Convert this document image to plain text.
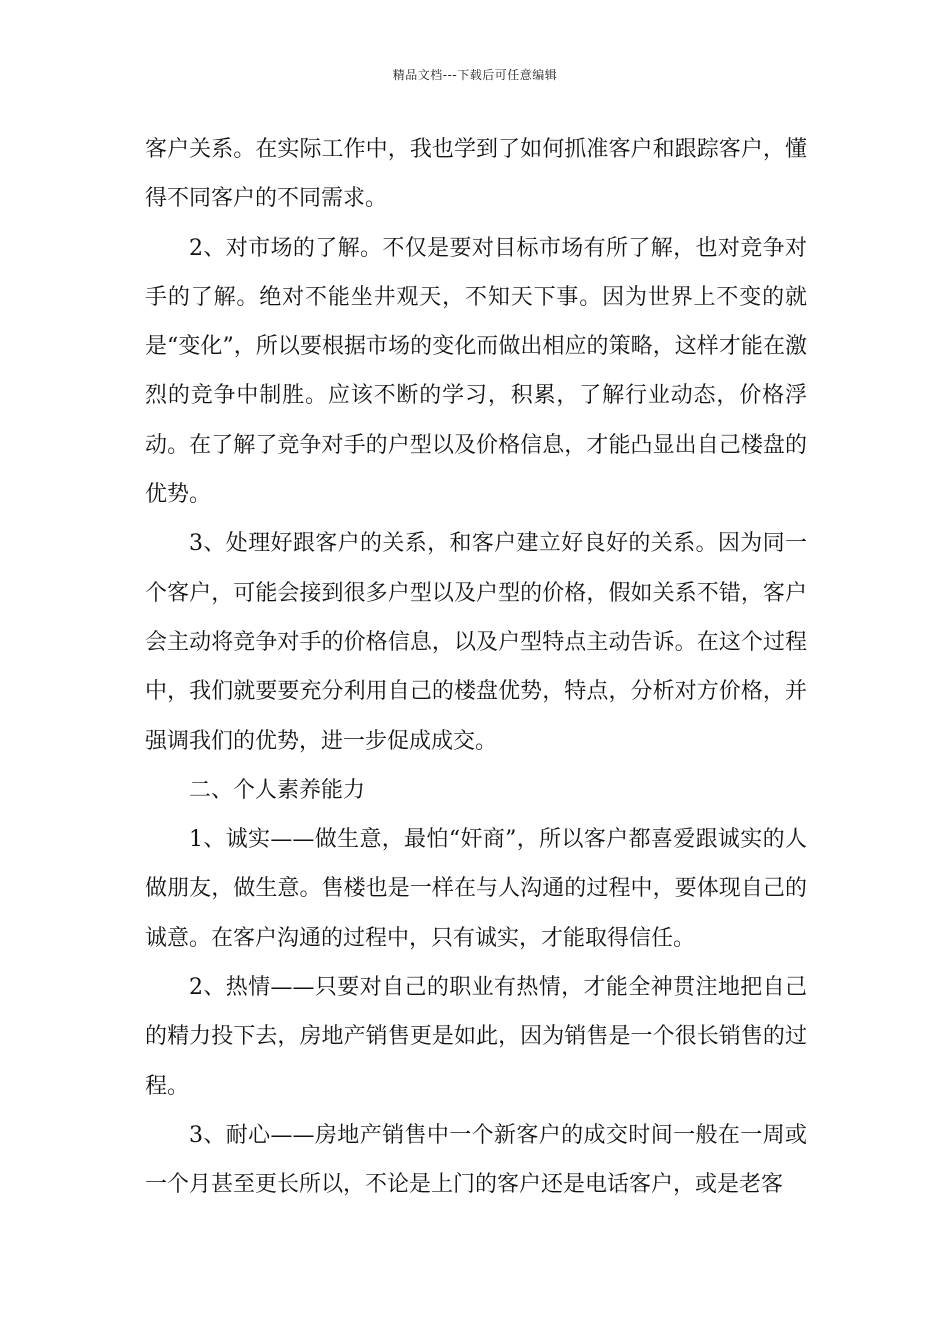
精品文档---下载后可任意编辑

客户关系。在实际工作中，我也学到了如何抓准客户和跟踪客户，懂得不同客户的不同需求。

2、对市场的了解。不仅是要对目标市场有所了解，也对竞争对手的了解。绝对不能坐井观天，不知天下事。因为世界上不变的就是“变化”，所以要根据市场的变化而做出相应的策略，这样才能在激烈的竞争中制胜。应该不断的学习，积累，了解行业动态，价格浮动。在了解了竞争对手的户型以及价格信息，才能凸显出自己楼盘的优势。

3、处理好跟客户的关系，和客户建立好良好的关系。因为同一个客户，可能会接到很多户型以及户型的价格，假如关系不错，客户会主动将竞争对手的价格信息，以及户型特点主动告诉。在这个过程中，我们就要要充分利用自己的楼盘优势，特点，分析对方价格，并强调我们的优势，进一步促成成交。

二、个人素养能力

1、诚实——做生意，最怕“奸商”，所以客户都喜爱跟诚实的人做朋友，做生意。售楼也是一样在与人沟通的过程中，要体现自己的诚意。在客户沟通的过程中，只有诚实，才能取得信任。

2、热情——只要对自己的职业有热情，才能全神贯注地把自己的精力投下去，房地产销售更是如此，因为销售是一个很长销售的过程。

3、耐心——房地产销售中一个新客户的成交时间一般在一周或一个月甚至更长所以，不论是上门的客户还是电话客户，或是老客
